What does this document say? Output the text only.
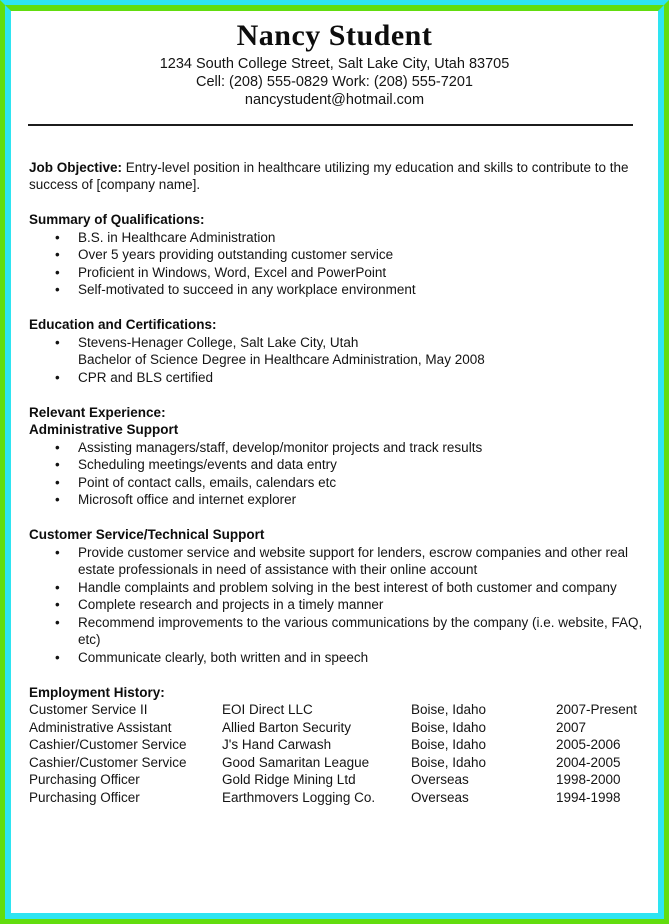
Nancy Student
1234 South College Street, Salt Lake City, Utah 83705
Cell: (208) 555-0829 Work: (208) 555-7201
nancystudent@hotmail.com

Job Objective: Entry-level position in healthcare utilizing my education and skills to contribute to the success of [company name].

Summary of Qualifications:
•	B.S. in Healthcare Administration
•	Over 5 years providing outstanding customer service
•	Proficient in Windows, Word, Excel and PowerPoint
•	Self-motivated to succeed in any workplace environment
Education and Certifications:
•	Stevens-Henager College, Salt Lake City, Utah
Bachelor of Science Degree in Healthcare Administration, May 2008
•	CPR and BLS certified
Relevant Experience:
Administrative Support
•	Assisting managers/staff, develop/monitor projects and track results
•	Scheduling meetings/events and data entry
•	Point of contact calls, emails, calendars etc
•	Microsoft office and internet explorer
Customer Service/Technical Support
•	Provide customer service and website support for lenders, escrow companies and other real estate professionals in need of assistance with their online account
•	Handle complaints and problem solving in the best interest of both customer and company
•	Complete research and projects in a timely manner
•	Recommend improvements to the various communications by the company (i.e. website, FAQ, etc)
•	Communicate clearly, both written and in speech
Employment History:
Customer Service II	EOI Direct LLC	Boise, Idaho	2007-Present
Administrative Assistant	Allied Barton Security	Boise, Idaho	2007
Cashier/Customer Service	J's Hand Carwash	Boise, Idaho	2005-2006
Cashier/Customer Service	Good Samaritan League	Boise, Idaho	2004-2005
Purchasing Officer	Gold Ridge Mining Ltd	Overseas	1998-2000
Purchasing Officer	Earthmovers Logging Co.	Overseas	1994-1998
